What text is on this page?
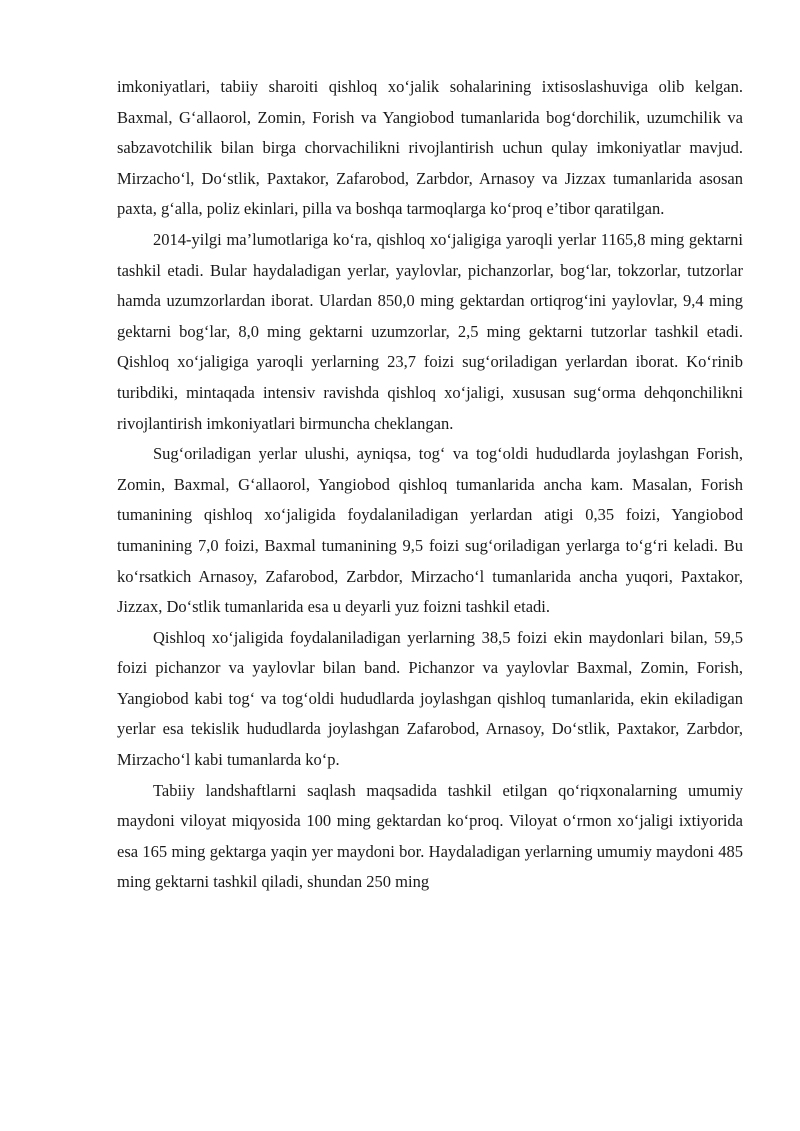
imkoniyatlari, tabiiy sharoiti qishloq xo‘jalik sohalarining ixtisoslashuviga olib kelgan. Baxmal, G‘allaorol, Zomin, Forish va Yangiobod tumanlarida bog‘dorchilik, uzumchilik va sabzavotchilik bilan birga chorvachilikni rivojlantirish uchun qulay imkoniyatlar mavjud. Mirzacho‘l, Do‘stlik, Paxtakor, Zafarobod, Zarbdor, Arnasoy va Jizzax tumanlarida asosan paxta, g‘alla, poliz ekinlari, pilla va boshqa tarmoqlarga ko‘proq e’tibor qaratilgan.

2014-yilgi ma’lumotlariga ko‘ra, qishloq xo‘jaligiga yaroqli yerlar 1165,8 ming gektarni tashkil etadi. Bular haydaladigan yerlar, yaylovlar, pichanzorlar, bog‘lar, tokzorlar, tutzorlar hamda uzumzorlardan iborat. Ulardan 850,0 ming gektardan ortiqrog‘ini yaylovlar, 9,4 ming gektarni bog‘lar, 8,0 ming gektarni uzumzorlar, 2,5 ming gektarni tutzorlar tashkil etadi. Qishloq xo‘jaligiga yaroqli yerlarning 23,7 foizi sug‘oriladigan yerlardan iborat. Ko‘rinib turibdiki, mintaqada intensiv ravishda qishloq xo‘jaligi, xususan sug‘orma dehqonchilikni rivojlantirish imkoniyatlari birmuncha cheklangan.

Sug‘oriladigan yerlar ulushi, ayniqsa, tog‘ va tog‘oldi hududlarda joylashgan Forish, Zomin, Baxmal, G‘allaorol, Yangiobod qishloq tumanlarida ancha kam. Masalan, Forish tumanining qishloq xo‘jaligida foydalaniladigan yerlardan atigi 0,35 foizi, Yangiobod tumanining 7,0 foizi, Baxmal tumanining 9,5 foizi sug‘oriladigan yerlarga to‘g‘ri keladi. Bu ko‘rsatkich Arnasoy, Zafarobod, Zarbdor, Mirzacho‘l tumanlarida ancha yuqori, Paxtakor, Jizzax, Do‘stlik tumanlarida esa u deyarli yuz foizni tashkil etadi.

Qishloq xo‘jaligida foydalaniladigan yerlarning 38,5 foizi ekin maydonlari bilan, 59,5 foizi pichanzor va yaylovlar bilan band. Pichanzor va yaylovlar Baxmal, Zomin, Forish, Yangiobod kabi tog‘ va tog‘oldi hududlarda joylashgan qishloq tumanlarida, ekin ekiladigan yerlar esa tekislik hududlarda joylashgan Zafarobod, Arnasoy, Do‘stlik, Paxtakor, Zarbdor, Mirzacho‘l kabi tumanlarda ko‘p.

Tabiiy landshaftlarni saqlash maqsadida tashkil etilgan qo‘riqxonalarning umumiy maydoni viloyat miqyosida 100 ming gektardan ko‘proq. Viloyat o‘rmon xo‘jaligi ixtiyorida esa 165 ming gektarga yaqin yer maydoni bor. Haydaladigan yerlarning umumiy maydoni 485 ming gektarni tashkil qiladi, shundan 250 ming
